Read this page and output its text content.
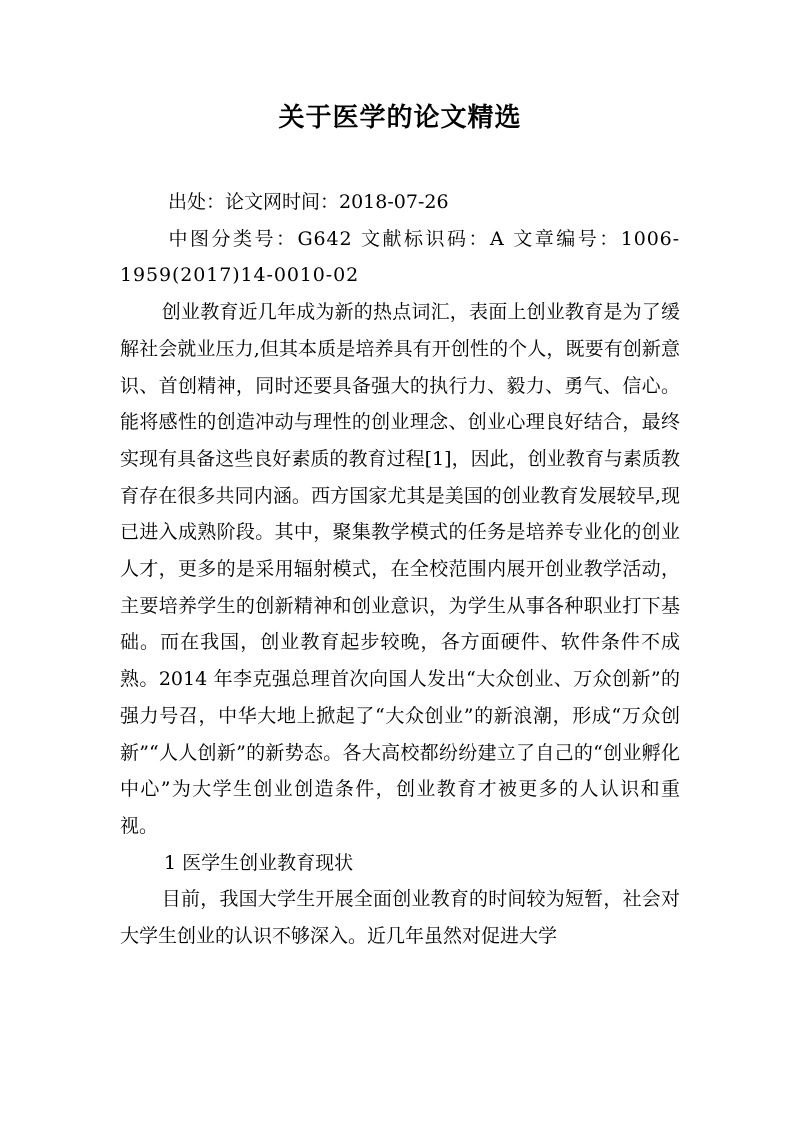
关于医学的论文精选

出处：论文网时间：2018-07-26

中图分类号：G642 文献标识码：A 文章编号：1006-1959(2017)14-0010-02

创业教育近几年成为新的热点词汇，表面上创业教育是为了缓解社会就业压力,但其本质是培养具有开创性的个人，既要有创新意识、首创精神，同时还要具备强大的执行力、毅力、勇气、信心。能将感性的创造冲动与理性的创业理念、创业心理良好结合，最终实现有具备这些良好素质的教育过程[1]，因此，创业教育与素质教育存在很多共同内涵。西方国家尤其是美国的创业教育发展较早,现已进入成熟阶段。其中，聚集教学模式的任务是培养专业化的创业人才，更多的是采用辐射模式，在全校范围内展开创业教学活动，主要培养学生的创新精神和创业意识，为学生从事各种职业打下基础。而在我国，创业教育起步较晚，各方面硬件、软件条件不成熟。2014 年李克强总理首次向国人发出“大众创业、万众创新”的强力号召，中华大地上掀起了“大众创业”的新浪潮，形成“万众创新”“人人创新”的新势态。各大高校都纷纷建立了自己的“创业孵化中心”为大学生创业创造条件，创业教育才被更多的人认识和重视。

1 医学生创业教育现状

目前，我国大学生开展全面创业教育的时间较为短暂，社会对大学生创业的认识不够深入。近几年虽然对促进大学
